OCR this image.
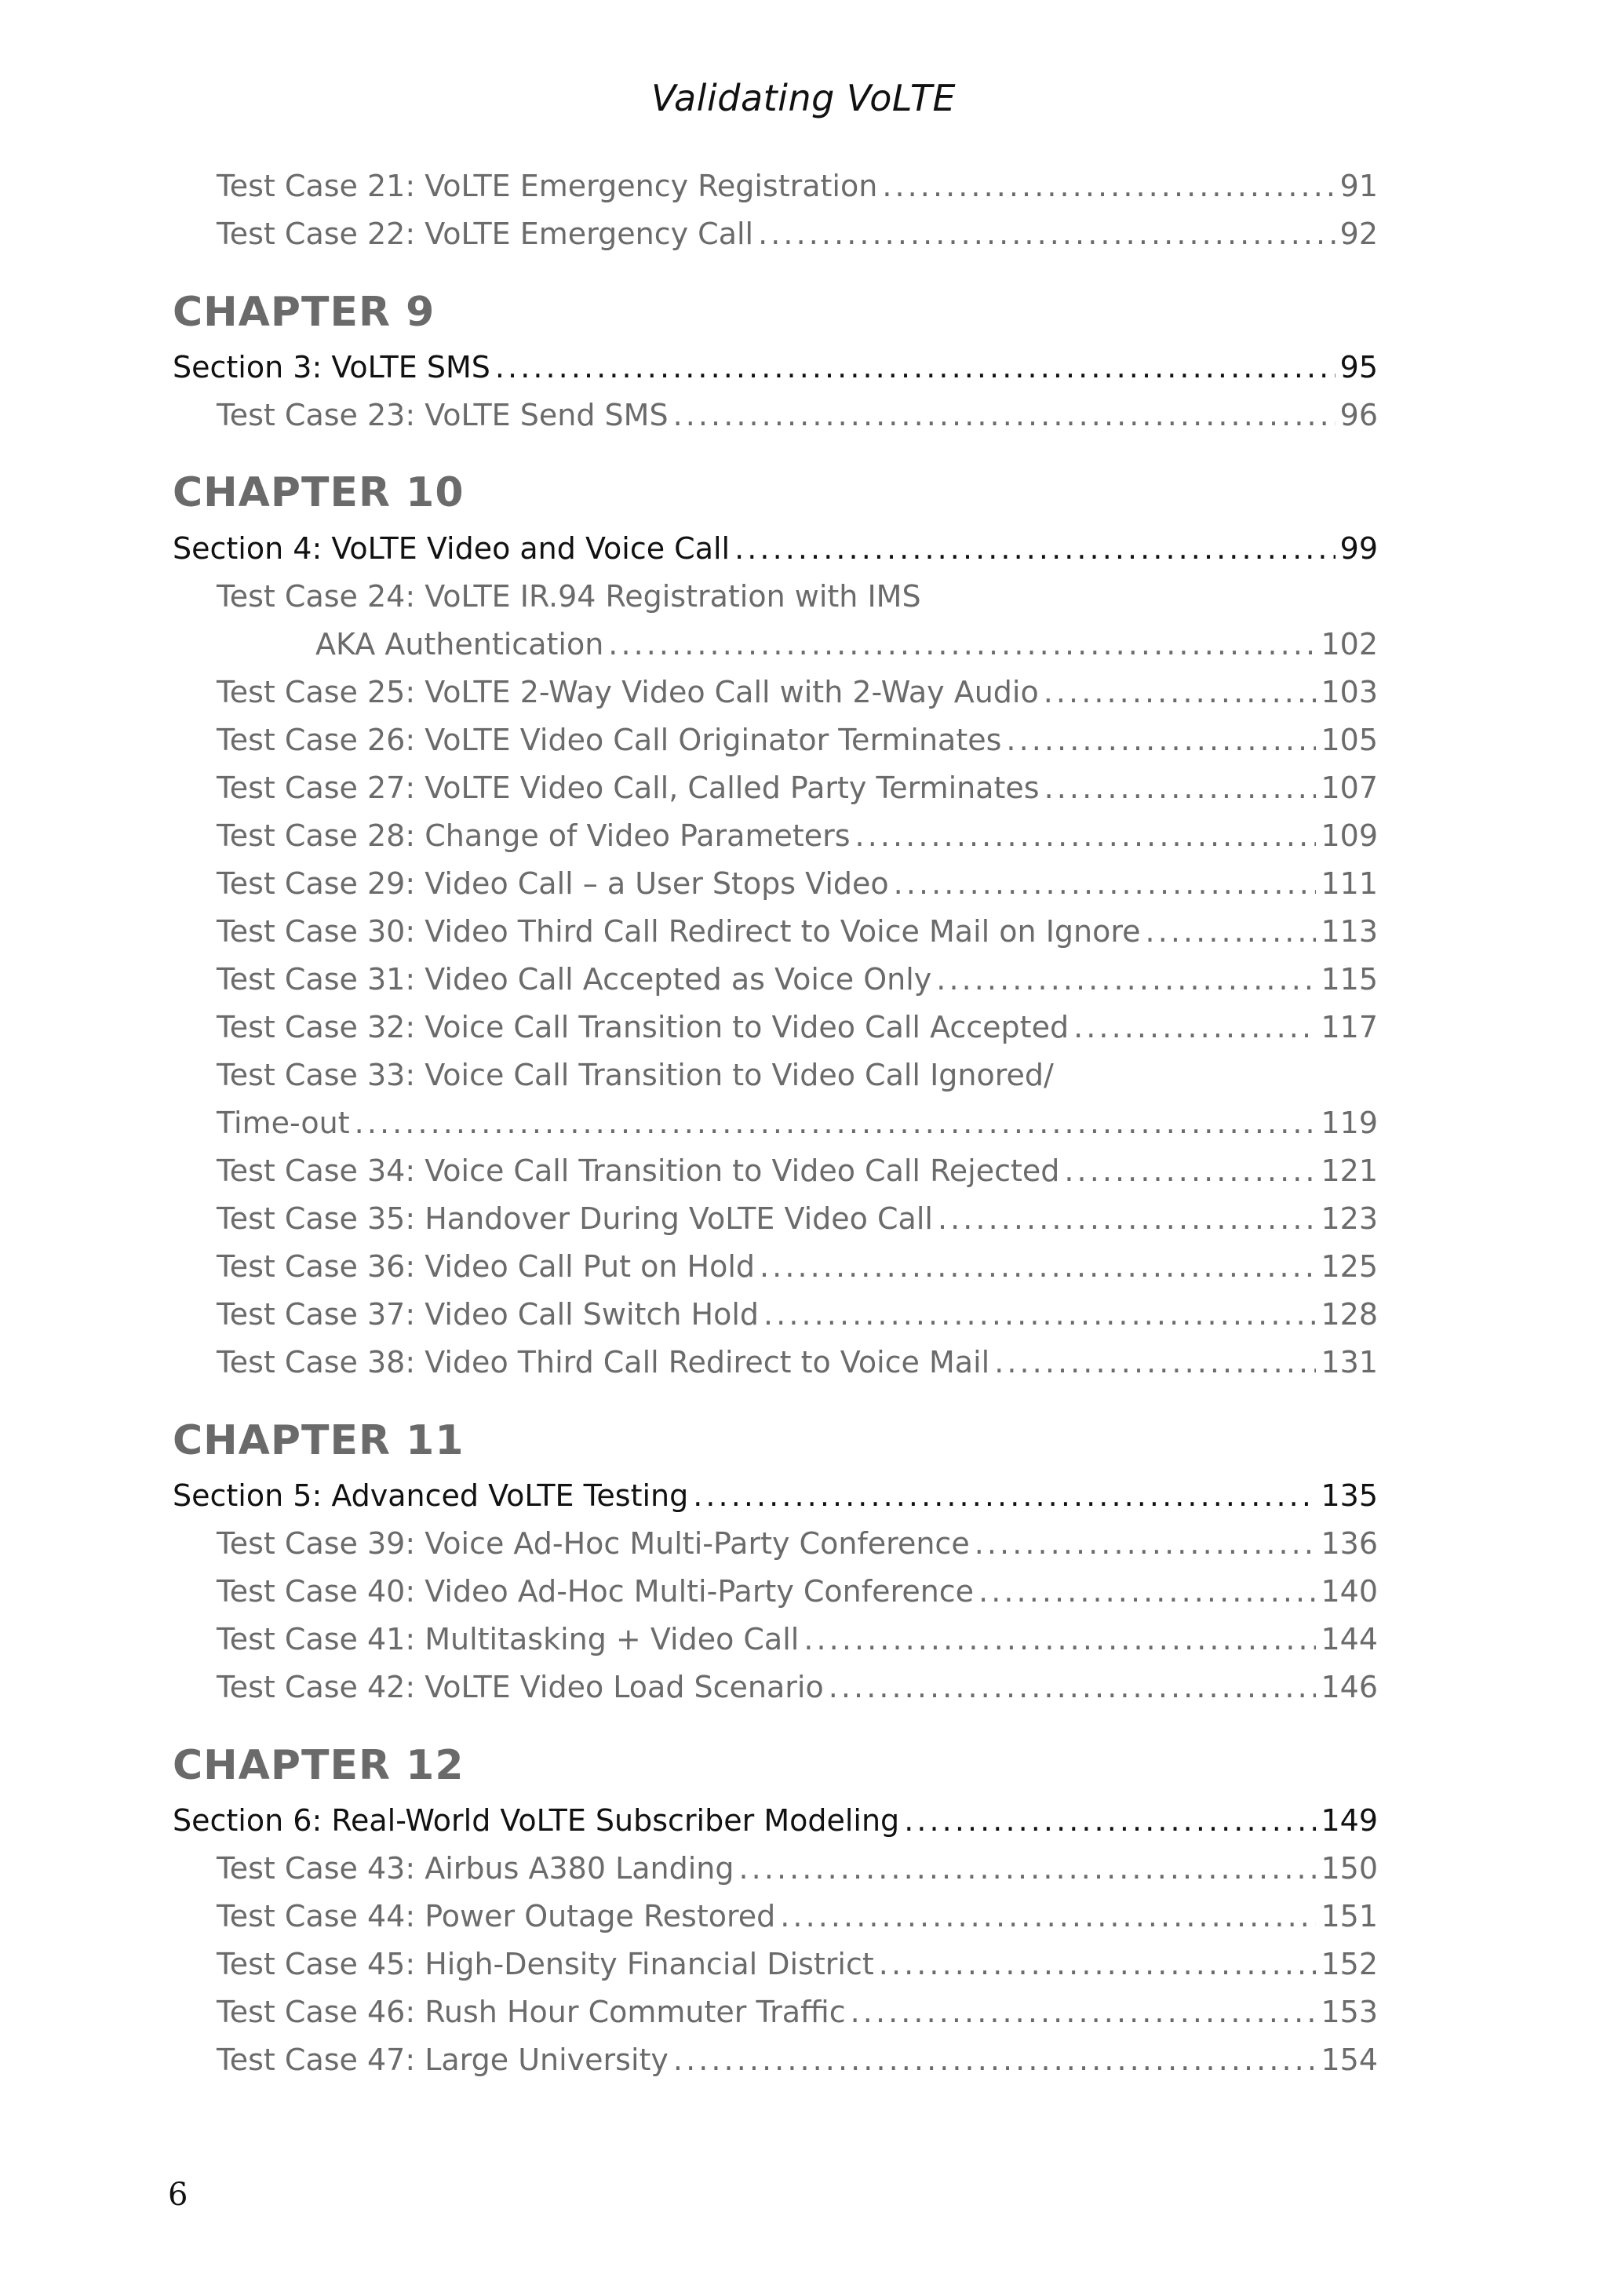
Validating VoLTE
Test Case 21: VoLTE Emergency Registration . . .	91
Test Case 22: VoLTE Emergency Call . . .	92
CHAPTER 9
Section 3: VoLTE SMS . . .	95
Test Case 23: VoLTE Send SMS . . .	96
CHAPTER 10
Section 4: VoLTE Video and Voice Call . . .	99
Test Case 24: VoLTE IR.94 Registration with IMS
AKA Authentication . . .	102
Test Case 25: VoLTE 2-Way Video Call with 2-Way Audio . . .	103
Test Case 26: VoLTE Video Call Originator Terminates . . .	105
Test Case 27: VoLTE Video Call, Called Party Terminates . . .	107
Test Case 28: Change of Video Parameters . . .	109
Test Case 29: Video Call – a User Stops Video . . .	111
Test Case 30: Video Third Call Redirect to Voice Mail on Ignore . . .	113
Test Case 31: Video Call Accepted as Voice Only . . .	115
Test Case 32: Voice Call Transition to Video Call Accepted . . .	117
Test Case 33: Voice Call Transition to Video Call Ignored/
Time-out . . .	119
Test Case 34: Voice Call Transition to Video Call Rejected . . .	121
Test Case 35: Handover During VoLTE Video Call . . .	123
Test Case 36: Video Call Put on Hold . . .	125
Test Case 37: Video Call Switch Hold . . .	128
Test Case 38: Video Third Call Redirect to Voice Mail . . .	131
CHAPTER 11
Section 5: Advanced VoLTE Testing . . .	135
Test Case 39: Voice Ad-Hoc Multi-Party Conference . . .	136
Test Case 40: Video Ad-Hoc Multi-Party Conference . . .	140
Test Case 41: Multitasking + Video Call . . .	144
Test Case 42: VoLTE Video Load Scenario . . .	146
CHAPTER 12
Section 6: Real-World VoLTE Subscriber Modeling . . .	149
Test Case 43: Airbus A380 Landing . . .	150
Test Case 44: Power Outage Restored . . .	151
Test Case 45: High-Density Financial District . . .	152
Test Case 46: Rush Hour Commuter Traffic . . .	153
Test Case 47: Large University . . .	154
6
